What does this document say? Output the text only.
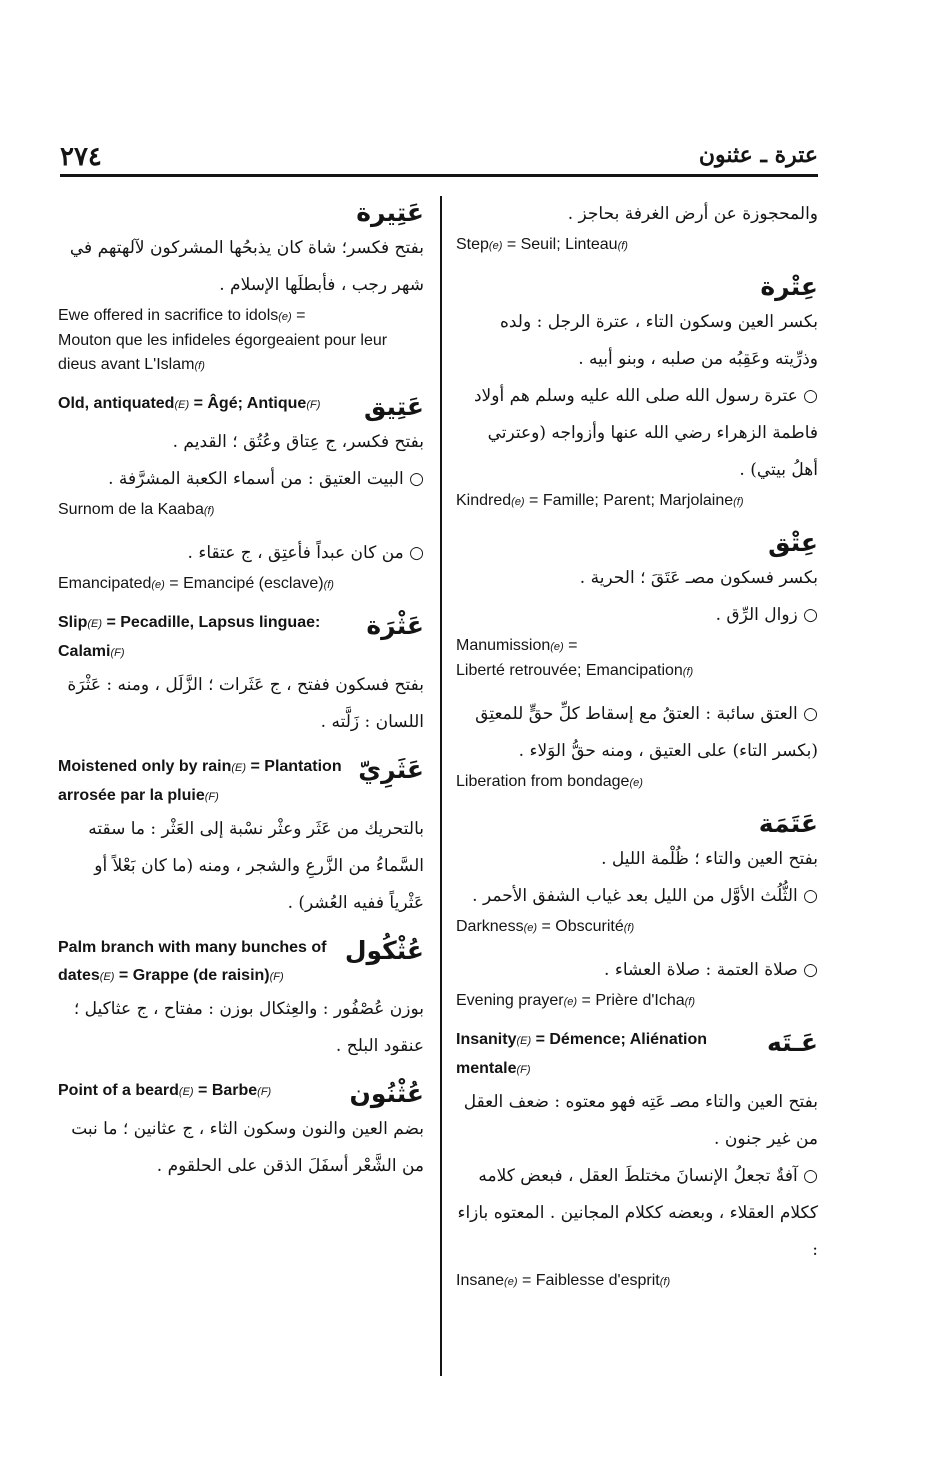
٢٧٤	عترة ـ عثنون
عَتِيرة
بفتح فكسر؛ شاة كان يذبحُها المشركون لآلهتهم في شهر رجب ، فأبطلَها الإسلام .
Ewe offered in sacrifice to idols(e) =
Mouton que les infideles égorgeaient pour leur dieus avant L'Islam(f)
Old, antiquated(E) = Âgé; Antique(F) عَتِيق
بفتح فكسر، ج عِتاق وعُتُق ؛ القديم .
○ البيت العتيق : من أسماء الكعبة المشرَّفة .
Surnom de la Kaaba(f)
○ من كان عبداً فأعتِق ، ج عتقاء .
Emancipated(e) = Emancipé (esclave)(f)
Slip(E) = Pecadille, Lapsus linguae: Calami(F)
عَثْرَة
بفتح فسكون ففتح ، ج عَثَرات ؛ الزَّلَل ، ومنه : عَثْرَة اللسان : زَلَّته .
Moistened only by rain(E) = Plantation arrosée par la pluie(F)
عَثَرِيّ
بالتحريك من عَثَر وعثْر نسْبة إلى العَثْر : ما سقته السَّماءُ من الزَّرعِ والشجر ، ومنه (ما كان بَعْلاً أو عَثْرياً ففيه العُشر) .
Palm branch with many bunches of dates(E) = Grappe (de raisin)(F)
عُثْكُول
بوزن عُصْفُور : والعِثكال بوزن : مفتاح ، ج عثاكيل ؛ عنقود البلح .
Point of a beard(E) = Barbe(F)	عُثْنُون
بضم العين والنون وسكون الثاء ، ج عثانين ؛ ما نبت من الشَّعْر أسفَلَ الذقن على الحلقوم .
والمحجوزة عن أرض الغرفة بحاجز .
Step(e) = Seuil; Linteau(f)
عِتْرة
بكسر العين وسكون التاء ، عترة الرجل : ولده وذرِّيته وعَقِبُه من صلبه ، وبنو أبيه .
○ عترة رسول الله صلى الله عليه وسلم هم أولاد فاطمة الزهراء رضي الله عنها وأزواجه (وعترتي أهلُ بيتي) .
Kindred(e) = Famille; Parent; Marjolaine(f)
عِتْق
بكسر فسكون مصـ عَتَقَ ؛ الحرية .
○ زوال الرِّق .
Manumission(e) =
Liberté retrouvée; Emancipation(f)
○ العتق سائبة : العتقُ مع إسقاط كلِّ حقٍّ للمعتِق (بكسر التاء) على العتيق ، ومنه حقُّ الوَلاء .
Liberation from bondage(e)
عَتَمَة
بفتح العين والتاء ؛ ظُلْمة الليل .
○ الثُّلُث الأوَّل من الليل بعد غياب الشفق الأحمر .
Darkness(e) = Obscurité(f)
○ صلاة العتمة : صلاة العشاء .
Evening prayer(e) = Prière d'Icha(f)
Insanity(E) = Démence; Aliénation mentale(F)
عَـتَه
بفتح العين والتاء مصـ عَتِه فهو معتوه : ضعف العقل من غير جنون .
○ آفةٌ تجعلُ الإنسانَ مختلطَ العقل ، فبعض كلامه ككلام العقلاء ، وبعضه ككلام المجانين . المعتوه بازاء :
Insane(e) = Faiblesse d'esprit(f)
